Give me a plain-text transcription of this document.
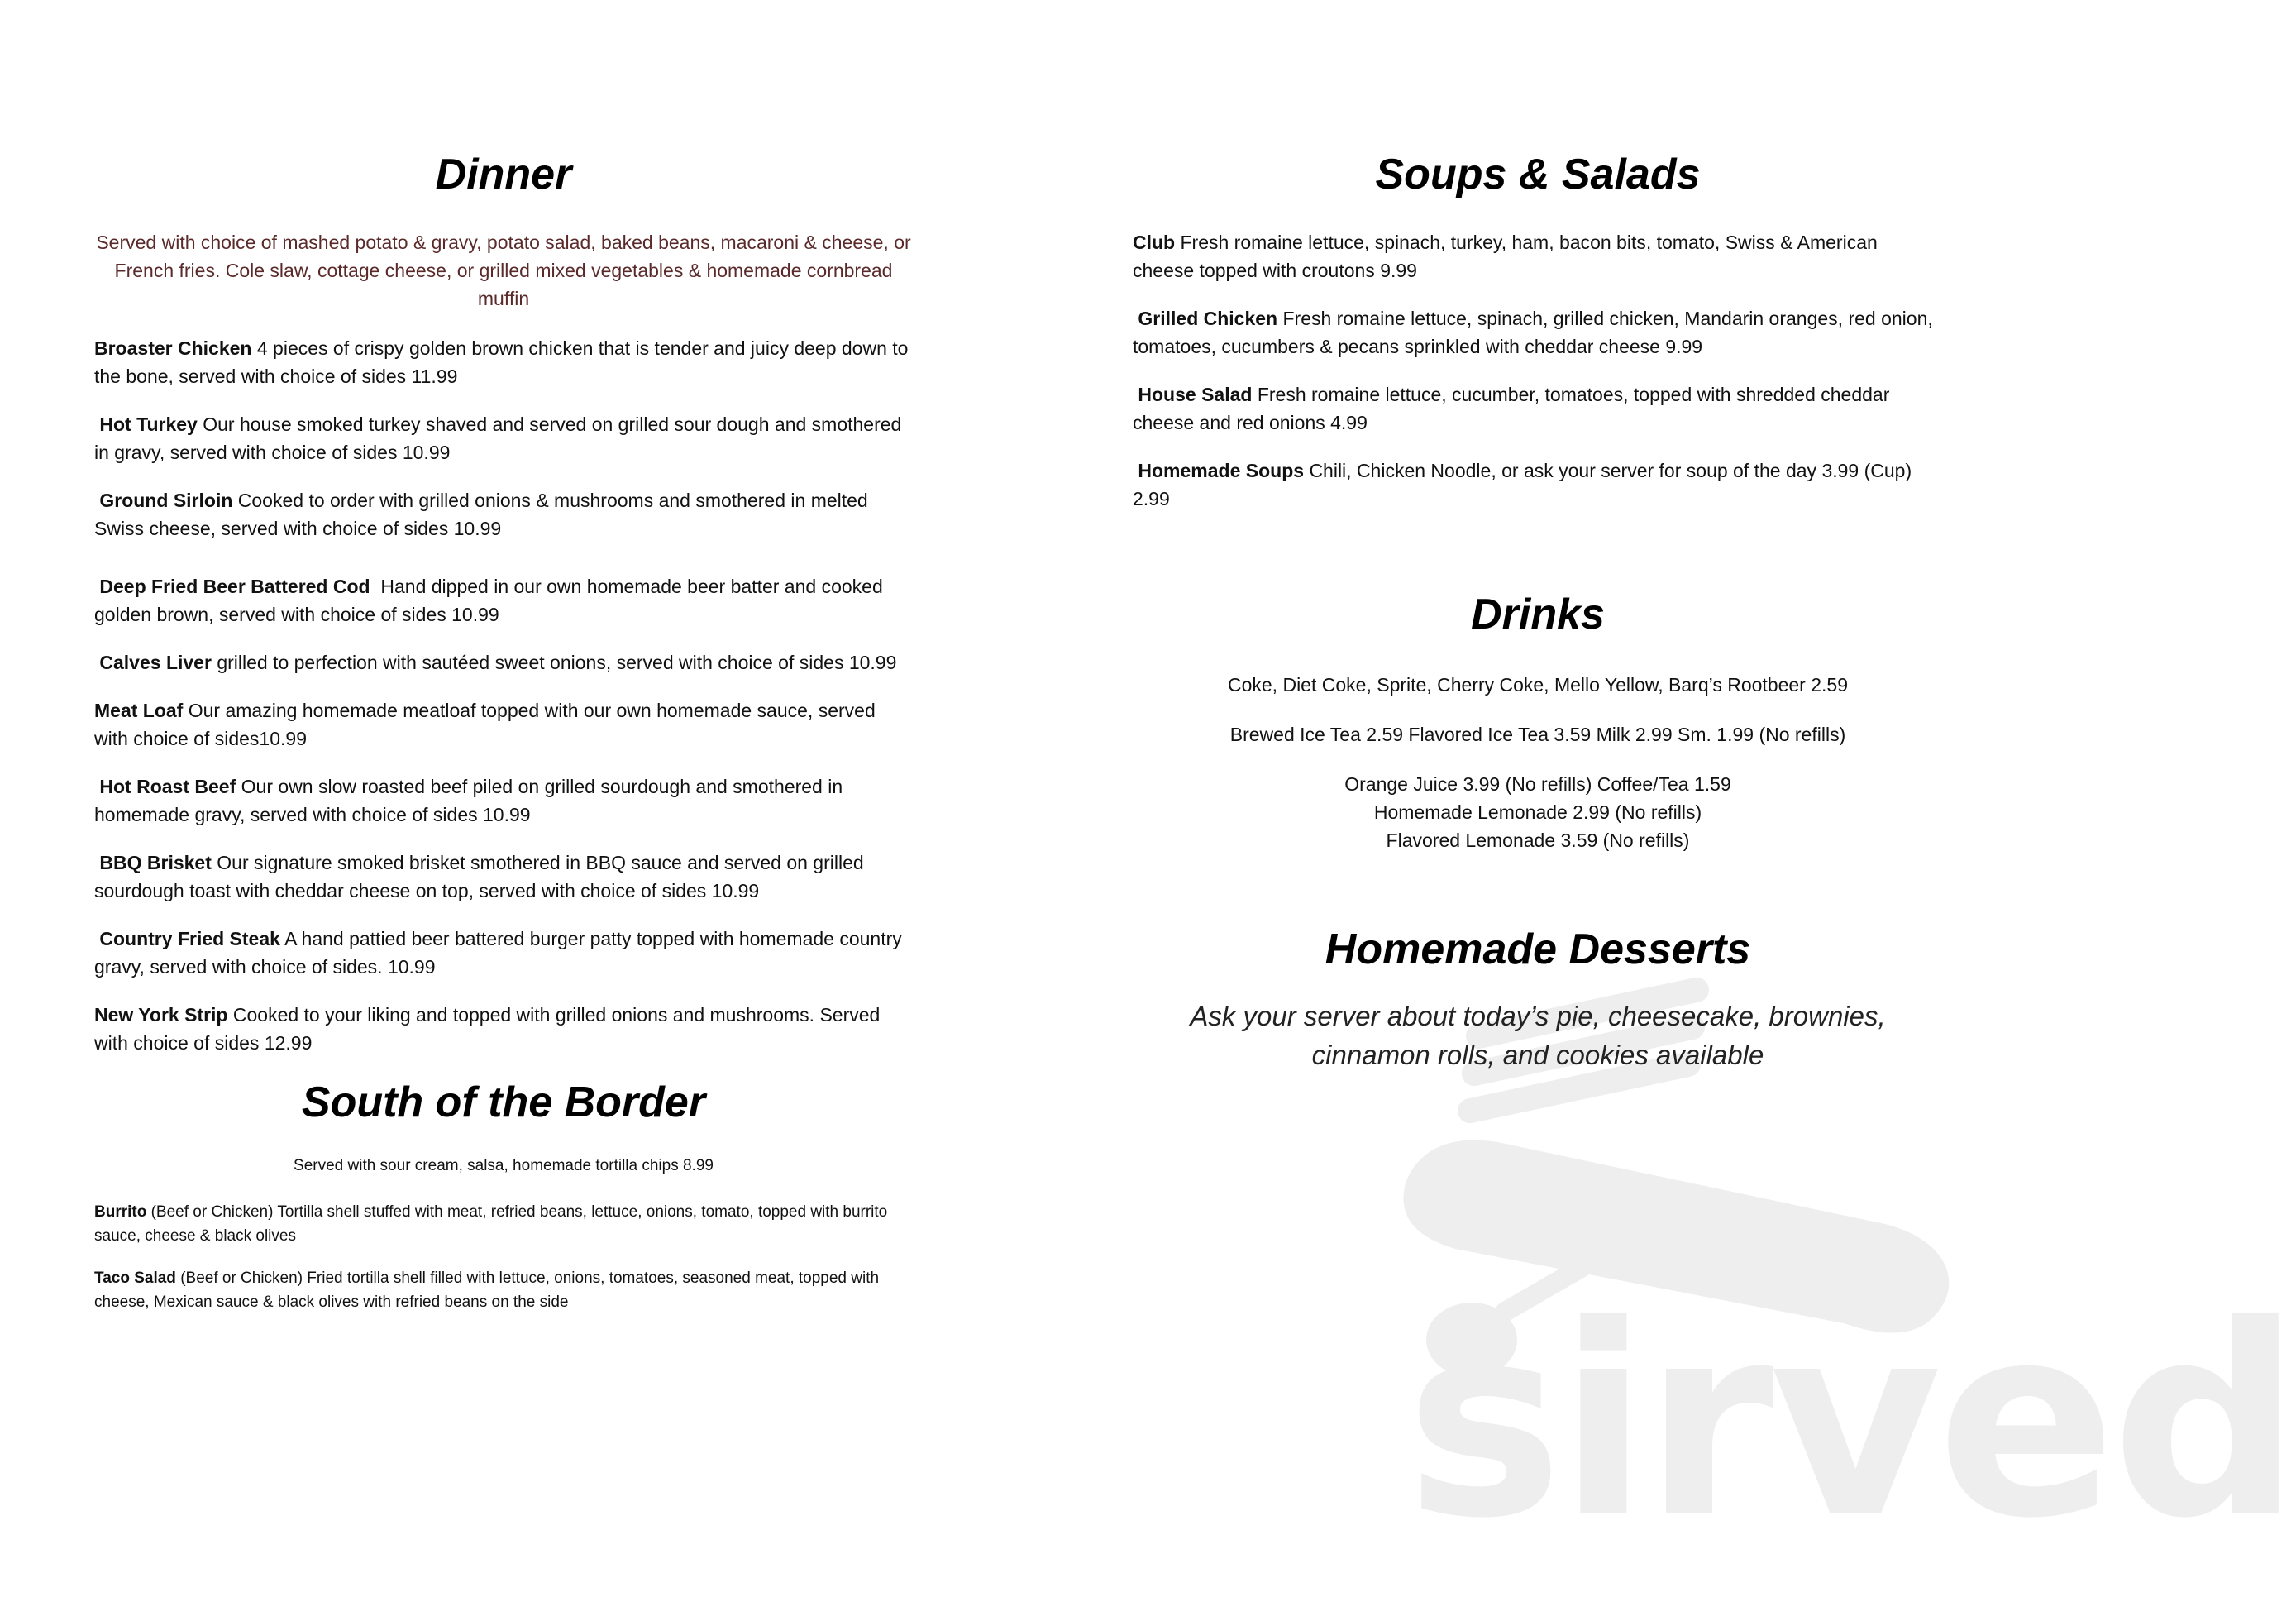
sirved
Dinner

Served with choice of mashed potato & gravy, potato salad, baked beans, macaroni & cheese, or French fries. Cole slaw, cottage cheese, or grilled mixed vegetables & homemade cornbread muffin

Broaster Chicken 4 pieces of crispy golden brown chicken that is tender and juicy deep down to the bone, served with choice of sides 11.99

Hot Turkey Our house smoked turkey shaved and served on grilled sour dough and smothered in gravy, served with choice of sides 10.99

Ground Sirloin Cooked to order with grilled onions & mushrooms and smothered in melted Swiss cheese, served with choice of sides 10.99

Deep Fried Beer Battered Cod Hand dipped in our own homemade beer batter and cooked golden brown, served with choice of sides 10.99

Calves Liver grilled to perfection with sautéed sweet onions, served with choice of sides 10.99

Meat Loaf Our amazing homemade meatloaf topped with our own homemade sauce, served with choice of sides10.99

Hot Roast Beef Our own slow roasted beef piled on grilled sourdough and smothered in homemade gravy, served with choice of sides 10.99

BBQ Brisket Our signature smoked brisket smothered in BBQ sauce and served on grilled sourdough toast with cheddar cheese on top, served with choice of sides 10.99

Country Fried Steak A hand pattied beer battered burger patty topped with homemade country gravy, served with choice of sides. 10.99

New York Strip Cooked to your liking and topped with grilled onions and mushrooms. Served with choice of sides 12.99

South of the Border

Served with sour cream, salsa, homemade tortilla chips 8.99

Burrito (Beef or Chicken) Tortilla shell stuffed with meat, refried beans, lettuce, onions, tomato, topped with burrito sauce, cheese & black olives

Taco Salad (Beef or Chicken) Fried tortilla shell filled with lettuce, onions, tomatoes, seasoned meat, topped with cheese, Mexican sauce & black olives with refried beans on the side

Soups & Salads

Club Fresh romaine lettuce, spinach, turkey, ham, bacon bits, tomato, Swiss & American cheese topped with croutons 9.99

Grilled Chicken Fresh romaine lettuce, spinach, grilled chicken, Mandarin oranges, red onion, tomatoes, cucumbers & pecans sprinkled with cheddar cheese 9.99

House Salad Fresh romaine lettuce, cucumber, tomatoes, topped with shredded cheddar cheese and red onions 4.99

Homemade Soups Chili, Chicken Noodle, or ask your server for soup of the day 3.99 (Cup) 2.99

Drinks

Coke, Diet Coke, Sprite, Cherry Coke, Mello Yellow, Barq’s Rootbeer 2.59

Brewed Ice Tea 2.59 Flavored Ice Tea 3.59 Milk 2.99 Sm. 1.99 (No refills)

Orange Juice 3.99 (No refills) Coffee/Tea 1.59
Homemade Lemonade 2.99 (No refills)
Flavored Lemonade 3.59 (No refills)
Homemade Desserts

Ask your server about today’s pie, cheesecake, brownies, cinnamon rolls, and cookies available
